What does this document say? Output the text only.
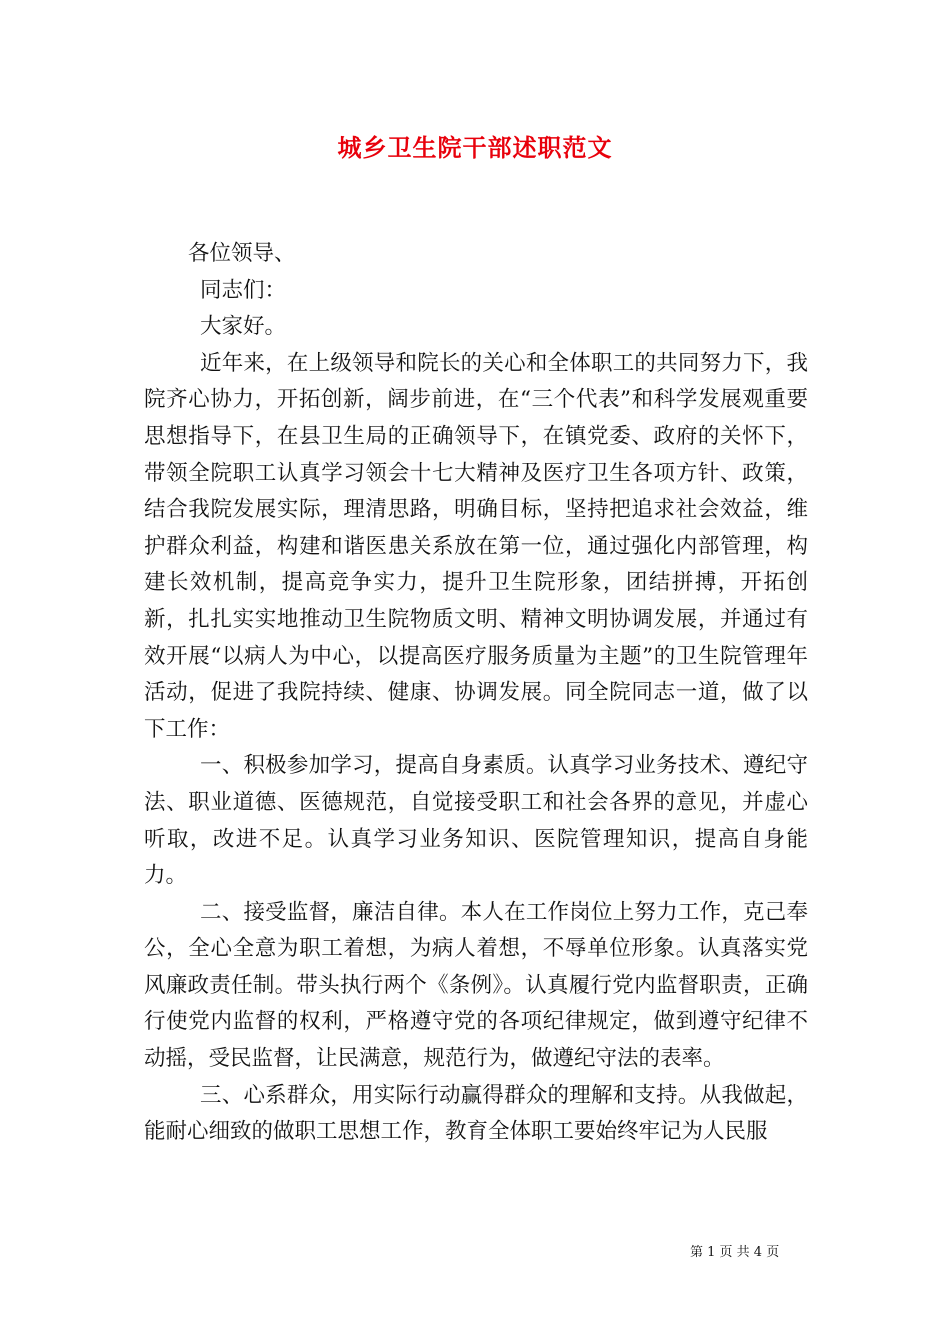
城乡卫生院干部述职范文

各位领导、

同志们：

大家好。

近年来，在上级领导和院长的关心和全体职工的共同努力下，我院齐心协力，开拓创新，阔步前进，在“三个代表”和科学发展观重要思想指导下，在县卫生局的正确领导下，在镇党委、政府的关怀下，带领全院职工认真学习领会十七大精神及医疗卫生各项方针、政策，结合我院发展实际，理清思路，明确目标，坚持把追求社会效益，维护群众利益，构建和谐医患关系放在第一位，通过强化内部管理，构建长效机制，提高竞争实力，提升卫生院形象，团结拼搏，开拓创新，扎扎实实地推动卫生院物质文明、精神文明协调发展，并通过有效开展“以病人为中心，以提高医疗服务质量为主题”的卫生院管理年活动，促进了我院持续、健康、协调发展。同全院同志一道，做了以下工作：

一、积极参加学习，提高自身素质。认真学习业务技术、遵纪守法、职业道德、医德规范，自觉接受职工和社会各界的意见，并虚心听取，改进不足。认真学习业务知识、医院管理知识，提高自身能力。

二、接受监督，廉洁自律。本人在工作岗位上努力工作，克己奉公，全心全意为职工着想，为病人着想，不辱单位形象。认真落实党风廉政责任制。带头执行两个《条例》。认真履行党内监督职责，正确行使党内监督的权利，严格遵守党的各项纪律规定，做到遵守纪律不动摇，受民监督，让民满意，规范行为，做遵纪守法的表率。

三、心系群众，用实际行动赢得群众的理解和支持。从我做起，能耐心细致的做职工思想工作，教育全体职工要始终牢记为人民服

第 1 页 共 4 页
